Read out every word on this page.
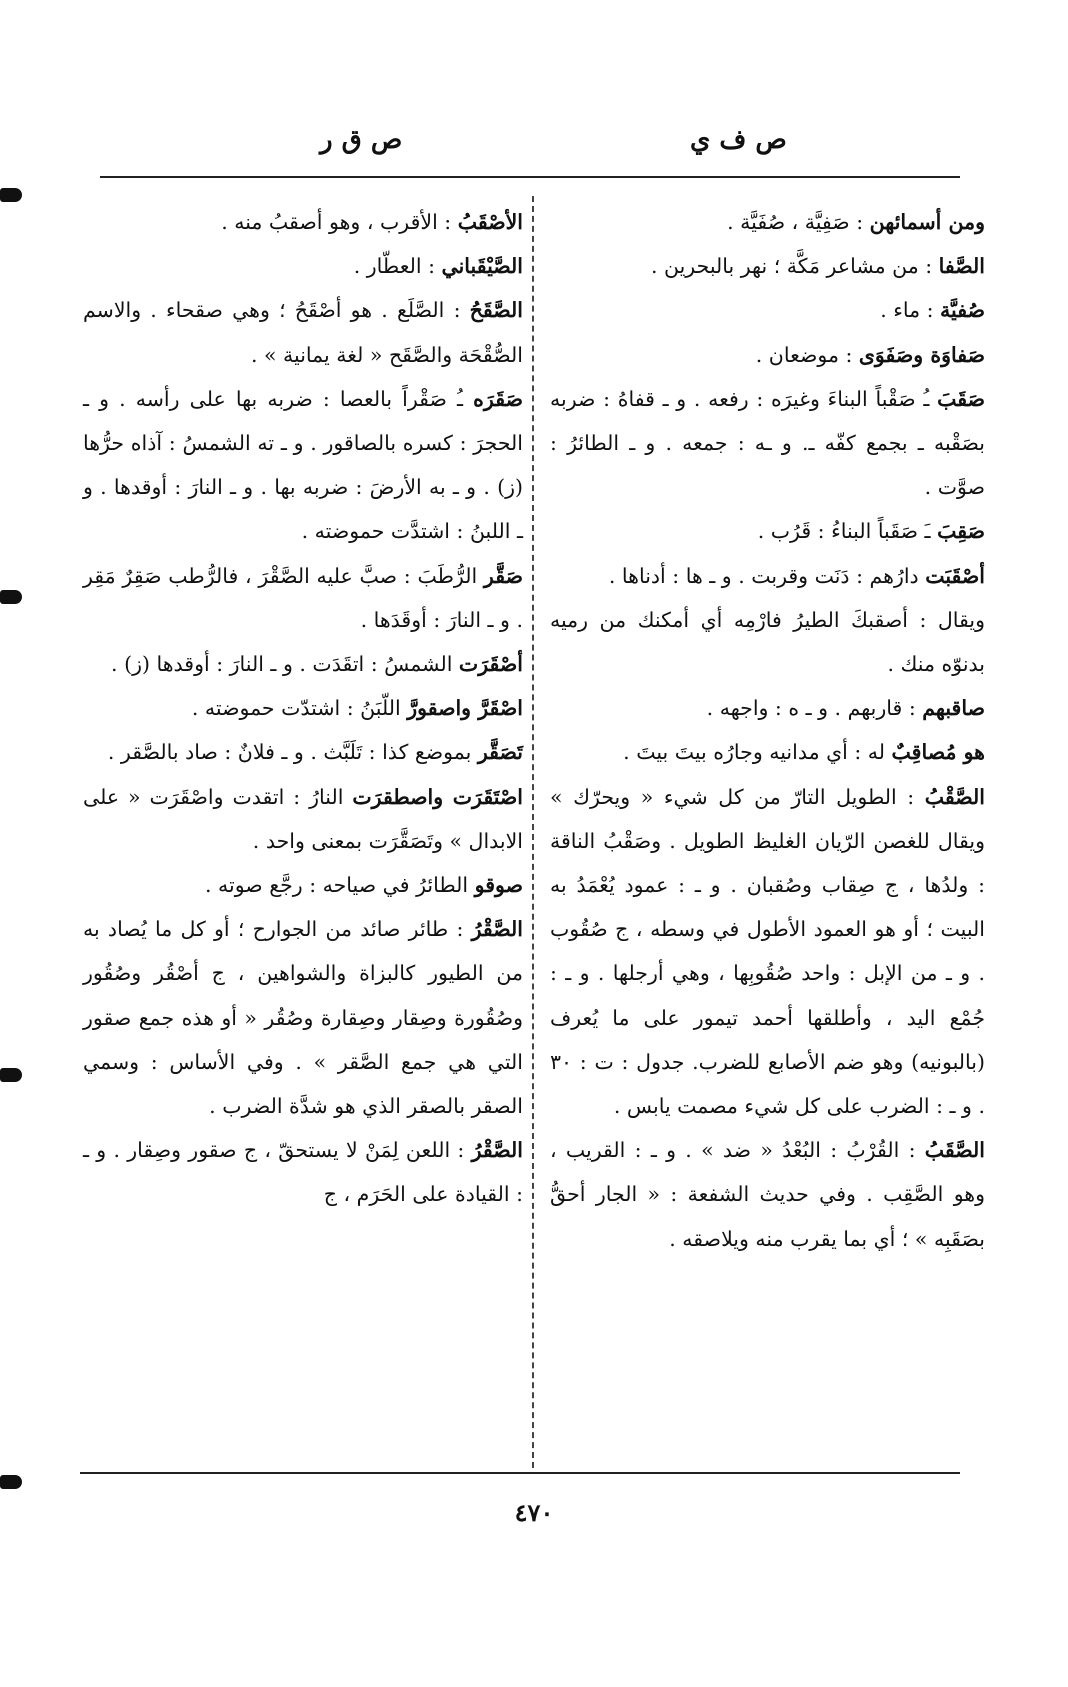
ص ف ي
ص ق ر

ومن أسمائهن : صَفِيَّة ، صُفَيَّة .

الصَّفا : من مشاعر مَكَّة ؛ نهر بالبحرين .

صُفيَّة : ماء .

صَفاوَة وصَفَوَى : موضعان .

صَقَبَ ـُ صَقْباً البناءَ وغيرَه : رفعه . و ـ قفاهُ : ضربه بصَقْبه ـ بجمع كفّه ـ. و ـه : جمعه . و ـ الطائرُ : صوَّت .

صَقِبَ ـَ صَقَباً البناءُ : قَرُب .

أصْقَبَت دارُهم : دَنَت وقربت . و ـ ها : أدناها .

ويقال : أصقبكَ الطيرُ فارْمِه أي أمكنك من رميه بدنوّه منك .

صاقبهم : قاربهم . و ـ ه : واجهه .

هو مُصاقِبٌ له : أي مدانيه وجارُه بيتَ بيتَ .

الصَّقْبُ : الطويل التارّ من كل شيء « ويحرّك » ويقال للغصن الرّيان الغليظ الطويل . وصَقْبُ الناقة : ولدُها ، ج صِقاب وصُقبان . و ـ : عمود يُعْمَدُ به البيت ؛ أو هو العمود الأطول في وسطه ، ج صُقُوب . و ـ من الإبل : واحد صُقُوبِها ، وهي أرجلها . و ـ : جُمْع اليد ، وأطلقها أحمد تيمور على ما يُعرف (بالبونيه) وهو ضم الأصابع للضرب. جدول : ت : ٣٠ . و ـ : الضرب على كل شيء مصمت يابس .

الصَّقَبُ : القُرْبُ : البُعْدُ « ضد » . و ـ : القريب ، وهو الصَّقِب . وفي حديث الشفعة : « الجار أحقُّ بصَقَبِه » ؛ أي بما يقرب منه ويلاصقه .

الأصْقَبُ : الأقرب ، وهو أصقبُ منه .

الصَّيْقَباني : العطّار .

الصَّقَحُ : الصَّلَع . هو أصْقَحُ ؛ وهي صقحاء . والاسم الصُّقْحَة والصَّقَح « لغة يمانية » .

صَقَرَه ـُ صَقْراً بالعصا : ضربه بها على رأسه . و ـ الحجرَ : كسره بالصاقور . و ـ ته الشمسُ : آذاه حرُّها (ز) . و ـ به الأرضَ : ضربه بها . و ـ النارَ : أوقدها . و ـ اللبنُ : اشتدَّت حموضته .

صَقَّر الرُّطَبَ : صبَّ عليه الصَّقْرَ ، فالرُّطب صَقِرٌ مَقِر . و ـ النارَ : أوقَدَها .

أصْقَرَت الشمسُ : اتقَدَت . و ـ النارَ : أوقدها (ز) .

اصْقَرَّ واصقورَّ اللّبَنُ : اشتدّت حموضته .

تَصَقَّر بموضع كذا : تَلَبَّث . و ـ فلانٌ : صاد بالصَّقر .

اصْتَقَرَت واصطقرَت النارُ : اتقدت واصْقَرَت « على الابدال » وتَصَقَّرَت بمعنى واحد .

صوقو الطائرُ في صياحه : رجَّع صوته .

الصَّقْرُ : طائر صائد من الجوارح ؛ أو كل ما يُصاد به من الطيور كالبزاة والشواهين ، ج أصْقُر وصُقُور وصُقُورة وصِقار وصِقارة وصُقُر « أو هذه جمع صقور التي هي جمع الصَّقر » . وفي الأساس : وسمي الصقر بالصقر الذي هو شدَّة الضرب .

الصَّقْرُ : اللعن لِمَنْ لا يستحقّ ، ج صقور وصِقار . و ـ : القيادة على الحَرَم ، ج

٤٧٠
